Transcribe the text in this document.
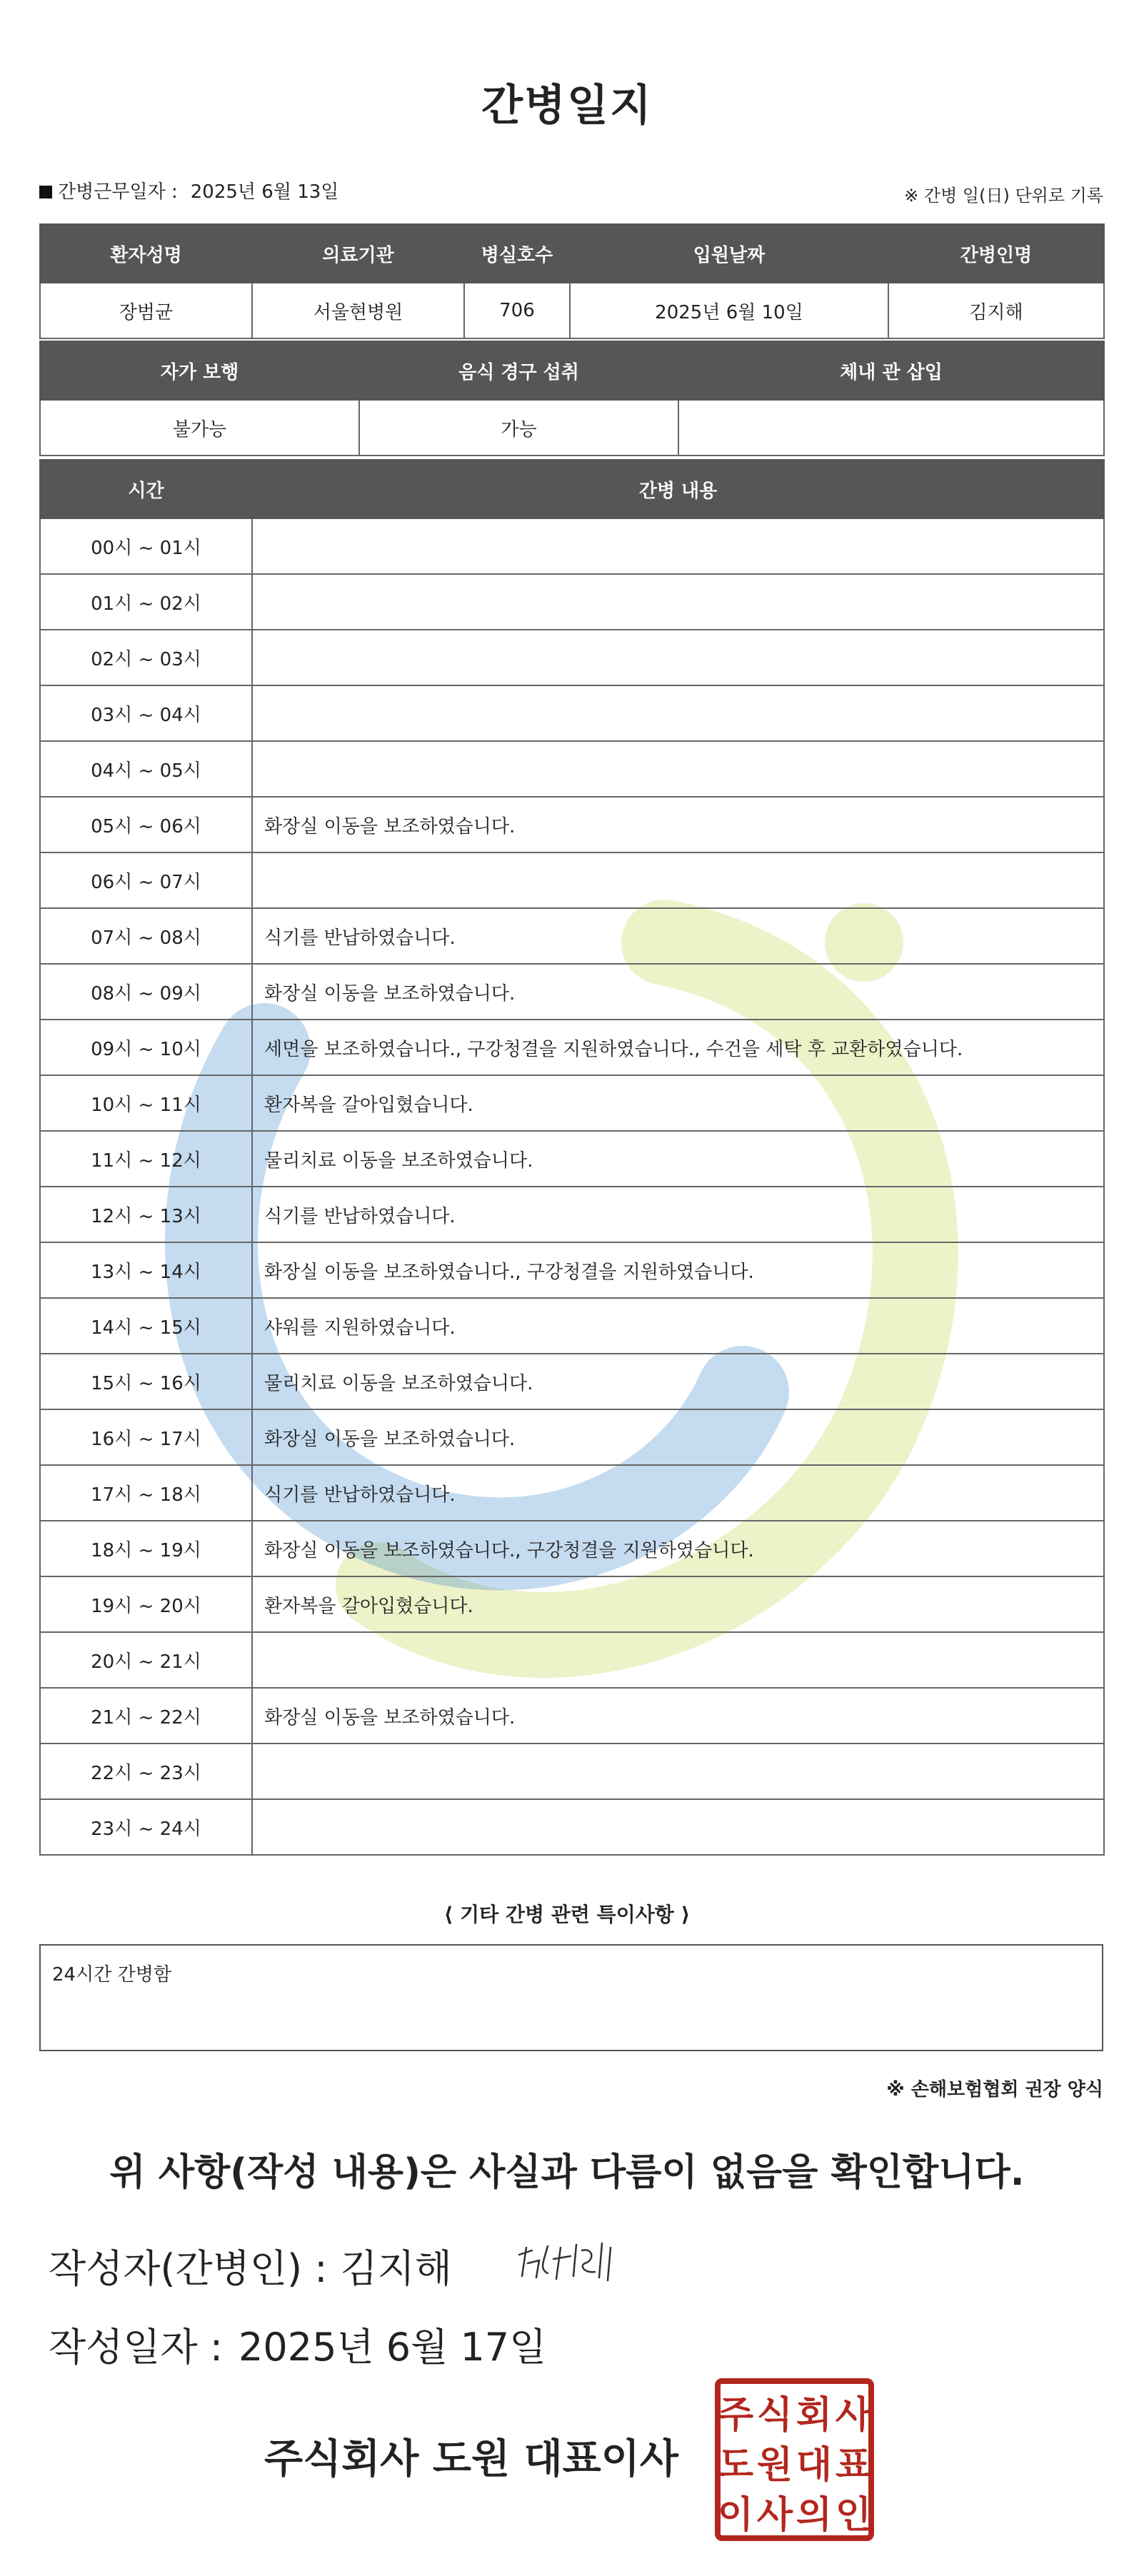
간병일지
간병근무일자 : 2025년 6월 13일	※ 간병 일(日) 단위로 기록
환자성명	의료기관	병실호수	입원날짜	간병인명
장범균	서울현병원	706	2025년 6월 10일	김지해
자가 보행	음식 경구 섭취	체내 관 삽입
불가능	가능	
시간	간병 내용
00시 ~ 01시	
01시 ~ 02시	
02시 ~ 03시	
03시 ~ 04시	
04시 ~ 05시	
05시 ~ 06시	화장실 이동을 보조하였습니다.
06시 ~ 07시	
07시 ~ 08시	식기를 반납하였습니다.
08시 ~ 09시	화장실 이동을 보조하였습니다.
09시 ~ 10시	세면을 보조하였습니다., 구강청결을 지원하였습니다., 수건을 세탁 후 교환하였습니다.
10시 ~ 11시	환자복을 갈아입혔습니다.
11시 ~ 12시	물리치료 이동을 보조하였습니다.
12시 ~ 13시	식기를 반납하였습니다.
13시 ~ 14시	화장실 이동을 보조하였습니다., 구강청결을 지원하였습니다.
14시 ~ 15시	샤워를 지원하였습니다.
15시 ~ 16시	물리치료 이동을 보조하였습니다.
16시 ~ 17시	화장실 이동을 보조하였습니다.
17시 ~ 18시	식기를 반납하였습니다.
18시 ~ 19시	화장실 이동을 보조하였습니다., 구강청결을 지원하였습니다.
19시 ~ 20시	환자복을 갈아입혔습니다.
20시 ~ 21시	
21시 ~ 22시	화장실 이동을 보조하였습니다.
22시 ~ 23시	
23시 ~ 24시	
⟨ 기타 간병 관련 특이사항 ⟩
24시간 간병함
※ 손해보험협회 권장 양식
위 사항(작성 내용)은 사실과 다름이 없음을 확인합니다.
작성자(간병인) : 김지해
작성일자 : 2025년 6월 17일
주식회사 도원 대표이사
주 식 회 사
도 원 대 표
이 사 의 인
